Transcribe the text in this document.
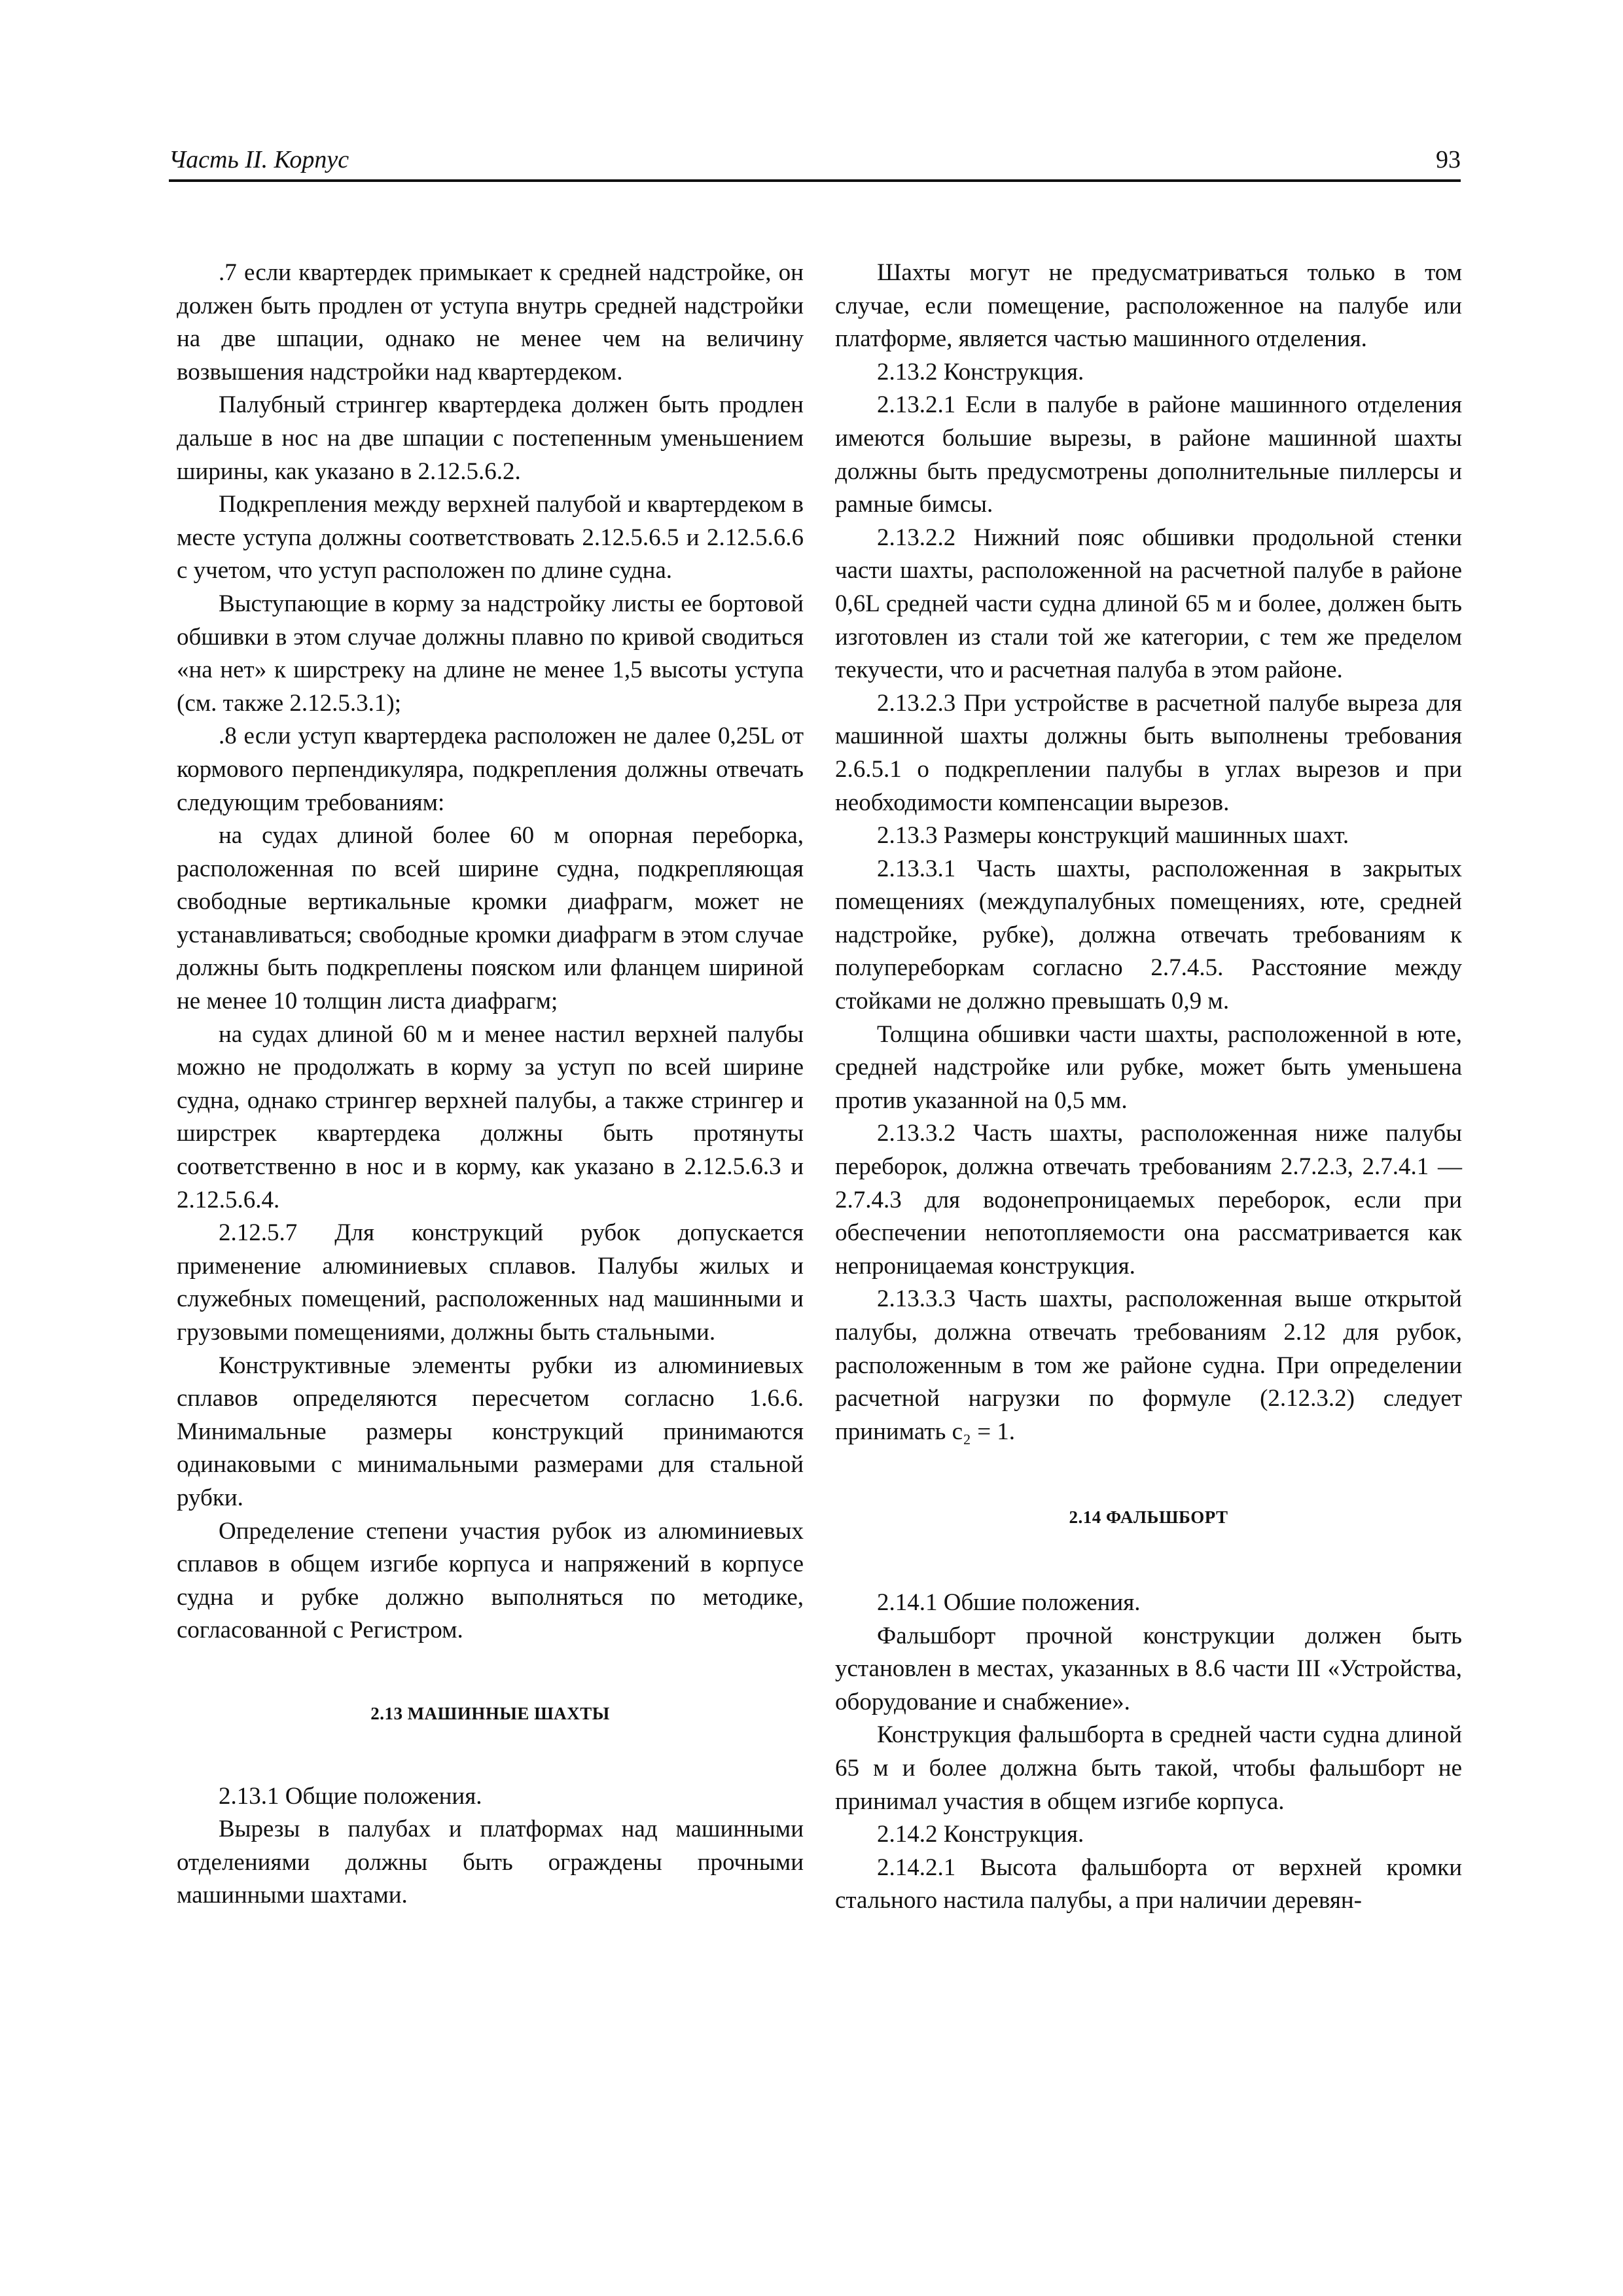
Часть II. Корпус	93

.7 если квартердек примыкает к средней надстройке, он должен быть продлен от уступа внутрь средней надстройки на две шпации, однако не менее чем на величину возвышения надстройки над квартердеком.

Палубный стрингер квартердека должен быть продлен дальше в нос на две шпации с постепенным уменьшением ширины, как указано в 2.12.5.6.2.

Подкрепления между верхней палубой и квартердеком в месте уступа должны соответствовать 2.12.5.6.5 и 2.12.5.6.6 с учетом, что уступ расположен по длине судна.

Выступающие в корму за надстройку листы ее бортовой обшивки в этом случае должны плавно по кривой сводиться «на нет» к ширстреку на длине не менее 1,5 высоты уступа (см. также 2.12.5.3.1);

.8 если уступ квартердека расположен не далее 0,25L от кормового перпендикуляра, подкрепления должны отвечать следующим требованиям:

на судах длиной более 60 м опорная переборка, расположенная по всей ширине судна, подкрепляющая свободные вертикальные кромки диафрагм, может не устанавливаться; свободные кромки диафрагм в этом случае должны быть подкреплены пояском или фланцем шириной не менее 10 толщин листа диафрагм;

на судах длиной 60 м и менее настил верхней палубы можно не продолжать в корму за уступ по всей ширине судна, однако стрингер верхней палубы, а также стрингер и ширстрек квартердека должны быть протянуты соответственно в нос и в корму, как указано в 2.12.5.6.3 и 2.12.5.6.4.

2.12.5.7 Для конструкций рубок допускается применение алюминиевых сплавов. Палубы жилых и служебных помещений, расположенных над машинными и грузовыми помещениями, должны быть стальными.

Конструктивные элементы рубки из алюминиевых сплавов определяются пересчетом согласно 1.6.6. Минимальные размеры конструкций принимаются одинаковыми с минимальными размерами для стальной рубки.

Определение степени участия рубок из алюминиевых сплавов в общем изгибе корпуса и напряжений в корпусе судна и рубке должно выполняться по методике, согласованной с Регистром.

2.13 МАШИННЫЕ ШАХТЫ

2.13.1 Общие положения.

Вырезы в палубах и платформах над машинными отделениями должны быть ограждены прочными машинными шахтами.

Шахты могут не предусматриваться только в том случае, если помещение, расположенное на палубе или платформе, является частью машинного отделения.

2.13.2 Конструкция.

2.13.2.1 Если в палубе в районе машинного отделения имеются большие вырезы, в районе машинной шахты должны быть предусмотрены дополнительные пиллерсы и рамные бимсы.

2.13.2.2 Нижний пояс обшивки продольной стенки части шахты, расположенной на расчетной палубе в районе 0,6L средней части судна длиной 65 м и более, должен быть изготовлен из стали той же категории, с тем же пределом текучести, что и расчетная палуба в этом районе.

2.13.2.3 При устройстве в расчетной палубе выреза для машинной шахты должны быть выполнены требования 2.6.5.1 о подкреплении палубы в углах вырезов и при необходимости компенсации вырезов.

2.13.3 Размеры конструкций машинных шахт.

2.13.3.1 Часть шахты, расположенная в закрытых помещениях (междупалубных помещениях, юте, средней надстройке, рубке), должна отвечать требованиям к полупереборкам согласно 2.7.4.5. Расстояние между стойками не должно превышать 0,9 м.

Толщина обшивки части шахты, расположенной в юте, средней надстройке или рубке, может быть уменьшена против указанной на 0,5 мм.

2.13.3.2 Часть шахты, расположенная ниже палубы переборок, должна отвечать требованиям 2.7.2.3, 2.7.4.1 — 2.7.4.3 для водонепроницаемых переборок, если при обеспечении непотопляемости она рассматривается как непроницаемая конструкция.

2.13.3.3 Часть шахты, расположенная выше открытой палубы, должна отвечать требованиям 2.12 для рубок, расположенным в том же районе судна. При определении расчетной нагрузки по формуле (2.12.3.2) следует принимать c₂ = 1.

2.14 ФАЛЬШБОРТ

2.14.1 Обшие положения.

Фальшборт прочной конструкции должен быть установлен в местах, указанных в 8.6 части III «Устройства, оборудование и снабжение».

Конструкция фальшборта в средней части судна длиной 65 м и более должна быть такой, чтобы фальшборт не принимал участия в общем изгибе корпуса.

2.14.2 Конструкция.

2.14.2.1 Высота фальшборта от верхней кромки стального настила палубы, а при наличии деревян-
